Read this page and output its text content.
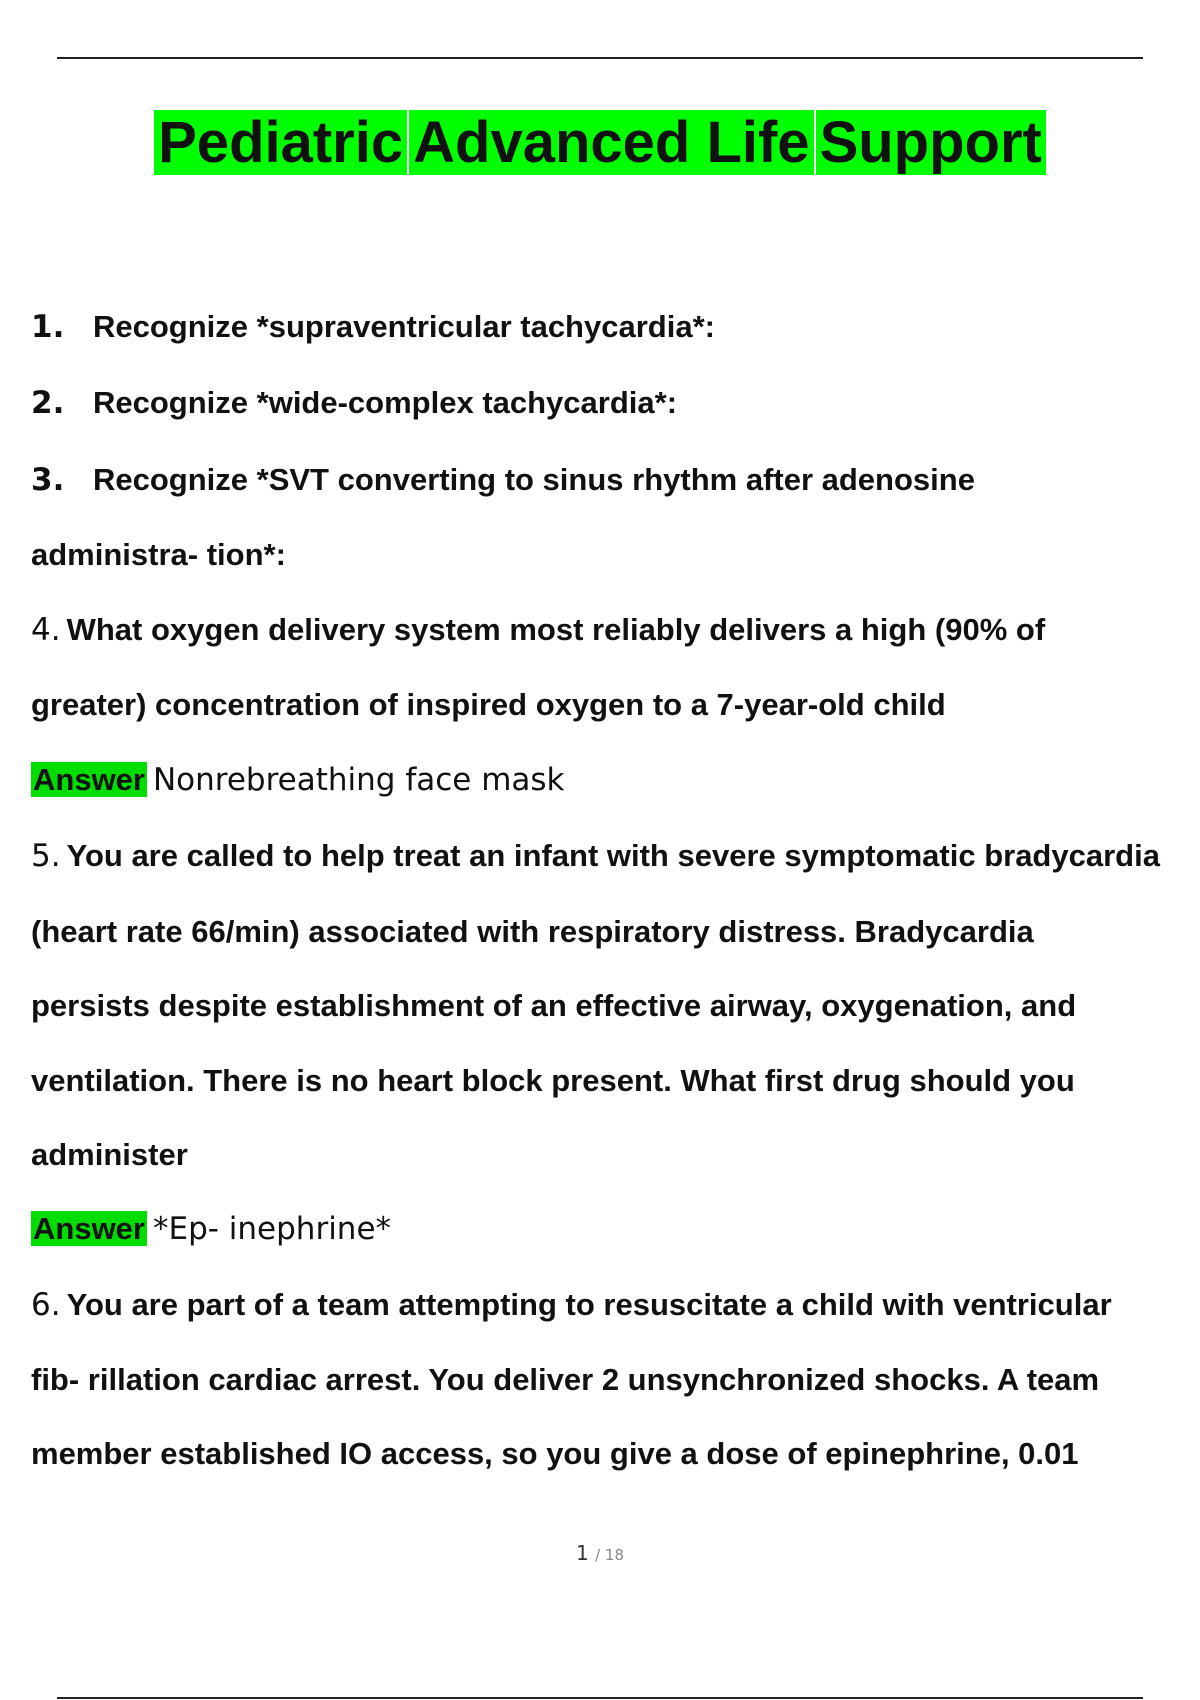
Pediatric Advanced Life Support
1. Recognize *supraventricular tachycardia*:
2. Recognize *wide-complex tachycardia*:
3. Recognize *SVT converting to sinus rhythm after adenosine
administra- tion*:
4. What oxygen delivery system most reliably delivers a high (90% of
greater) concentration of inspired oxygen to a 7-year-old child
Answer Nonrebreathing face mask
5. You are called to help treat an infant with severe symptomatic bradycardia
(heart rate 66/min) associated with respiratory distress. Bradycardia
persists despite establishment of an effective airway, oxygenation, and
ventilation. There is no heart block present. What first drug should you
administer
Answer *Ep- inephrine*
6. You are part of a team attempting to resuscitate a child with ventricular
fib- rillation cardiac arrest. You deliver 2 unsynchronized shocks. A team
member established IO access, so you give a dose of epinephrine, 0.01
1 / 18
